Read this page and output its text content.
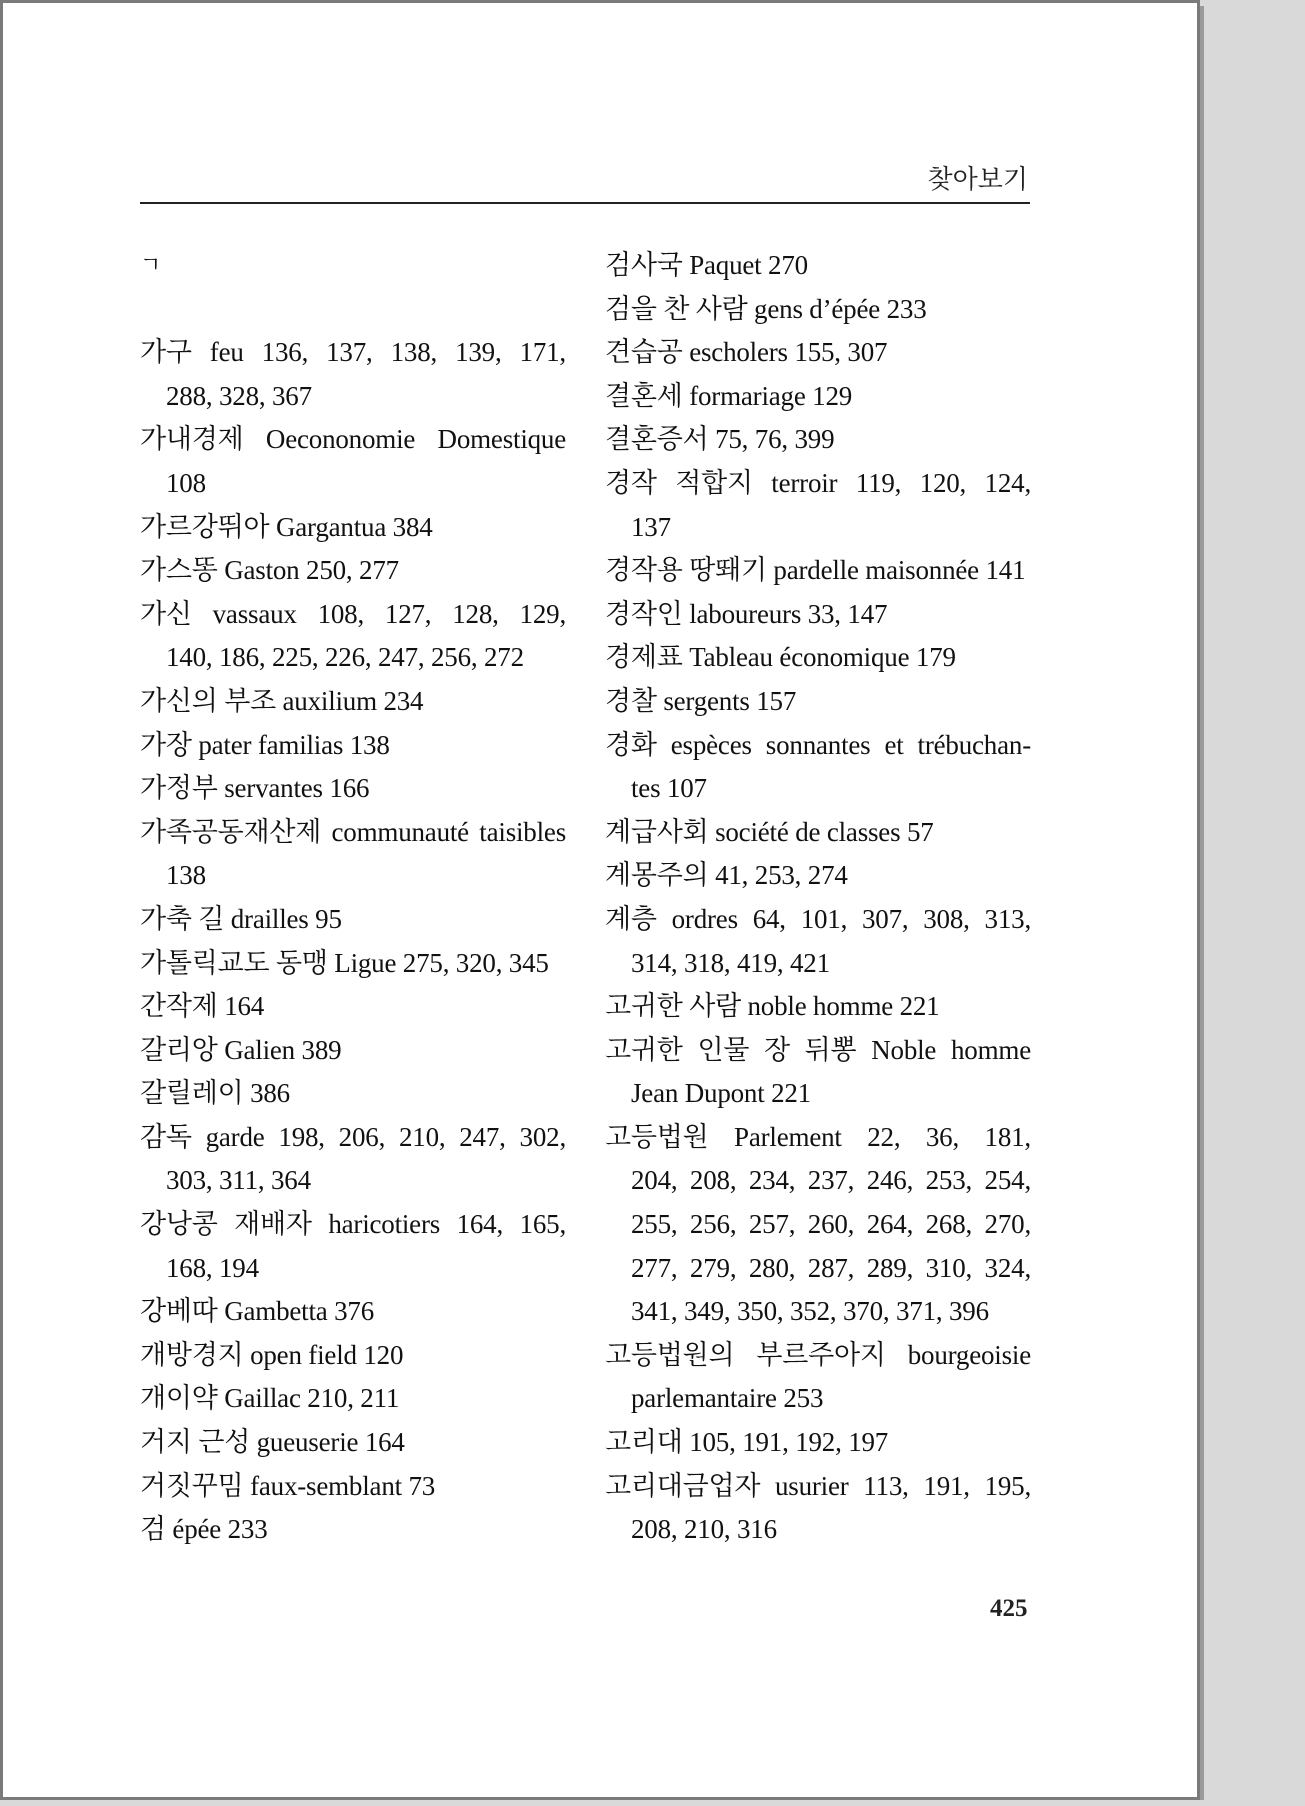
찾아보기
ㄱ
가구 feu 136, 137, 138, 139, 171,
288, 328, 367
가내경제 Oecononomie Domestique
108
가르강뛰아 Gargantua 384
가스똥 Gaston 250, 277
가신 vassaux 108, 127, 128, 129,
140, 186, 225, 226, 247, 256, 272
가신의 부조 auxilium 234
가장 pater familias 138
가정부 servantes 166
가족공동재산제 communauté taisibles
138
가축 길 drailles 95
가톨릭교도 동맹 Ligue 275, 320, 345
간작제 164
갈리앙 Galien 389
갈릴레이 386
감독 garde 198, 206, 210, 247, 302,
303, 311, 364
강낭콩 재배자 haricotiers 164, 165,
168, 194
강베따 Gambetta 376
개방경지 open field 120
개이약 Gaillac 210, 211
거지 근성 gueuserie 164
거짓꾸밈 faux-semblant 73
검 épée 233
검사국 Paquet 270
검을 찬 사람 gens d’épée 233
견습공 escholers 155, 307
결혼세 formariage 129
결혼증서 75, 76, 399
경작 적합지 terroir 119, 120, 124,
137
경작용 땅뙈기 pardelle maisonnée 141
경작인 laboureurs 33, 147
경제표 Tableau économique 179
경찰 sergents 157
경화 espèces sonnantes et trébuchan-
tes 107
계급사회 société de classes 57
계몽주의 41, 253, 274
계층 ordres 64, 101, 307, 308, 313,
314, 318, 419, 421
고귀한 사람 noble homme 221
고귀한 인물 장 뒤뽕 Noble homme
Jean Dupont 221
고등법원 Parlement 22, 36, 181,
204, 208, 234, 237, 246, 253, 254,
255, 256, 257, 260, 264, 268, 270,
277, 279, 280, 287, 289, 310, 324,
341, 349, 350, 352, 370, 371, 396
고등법원의 부르주아지 bourgeoisie
parlemantaire 253
고리대 105, 191, 192, 197
고리대금업자 usurier 113, 191, 195,
208, 210, 316
425
